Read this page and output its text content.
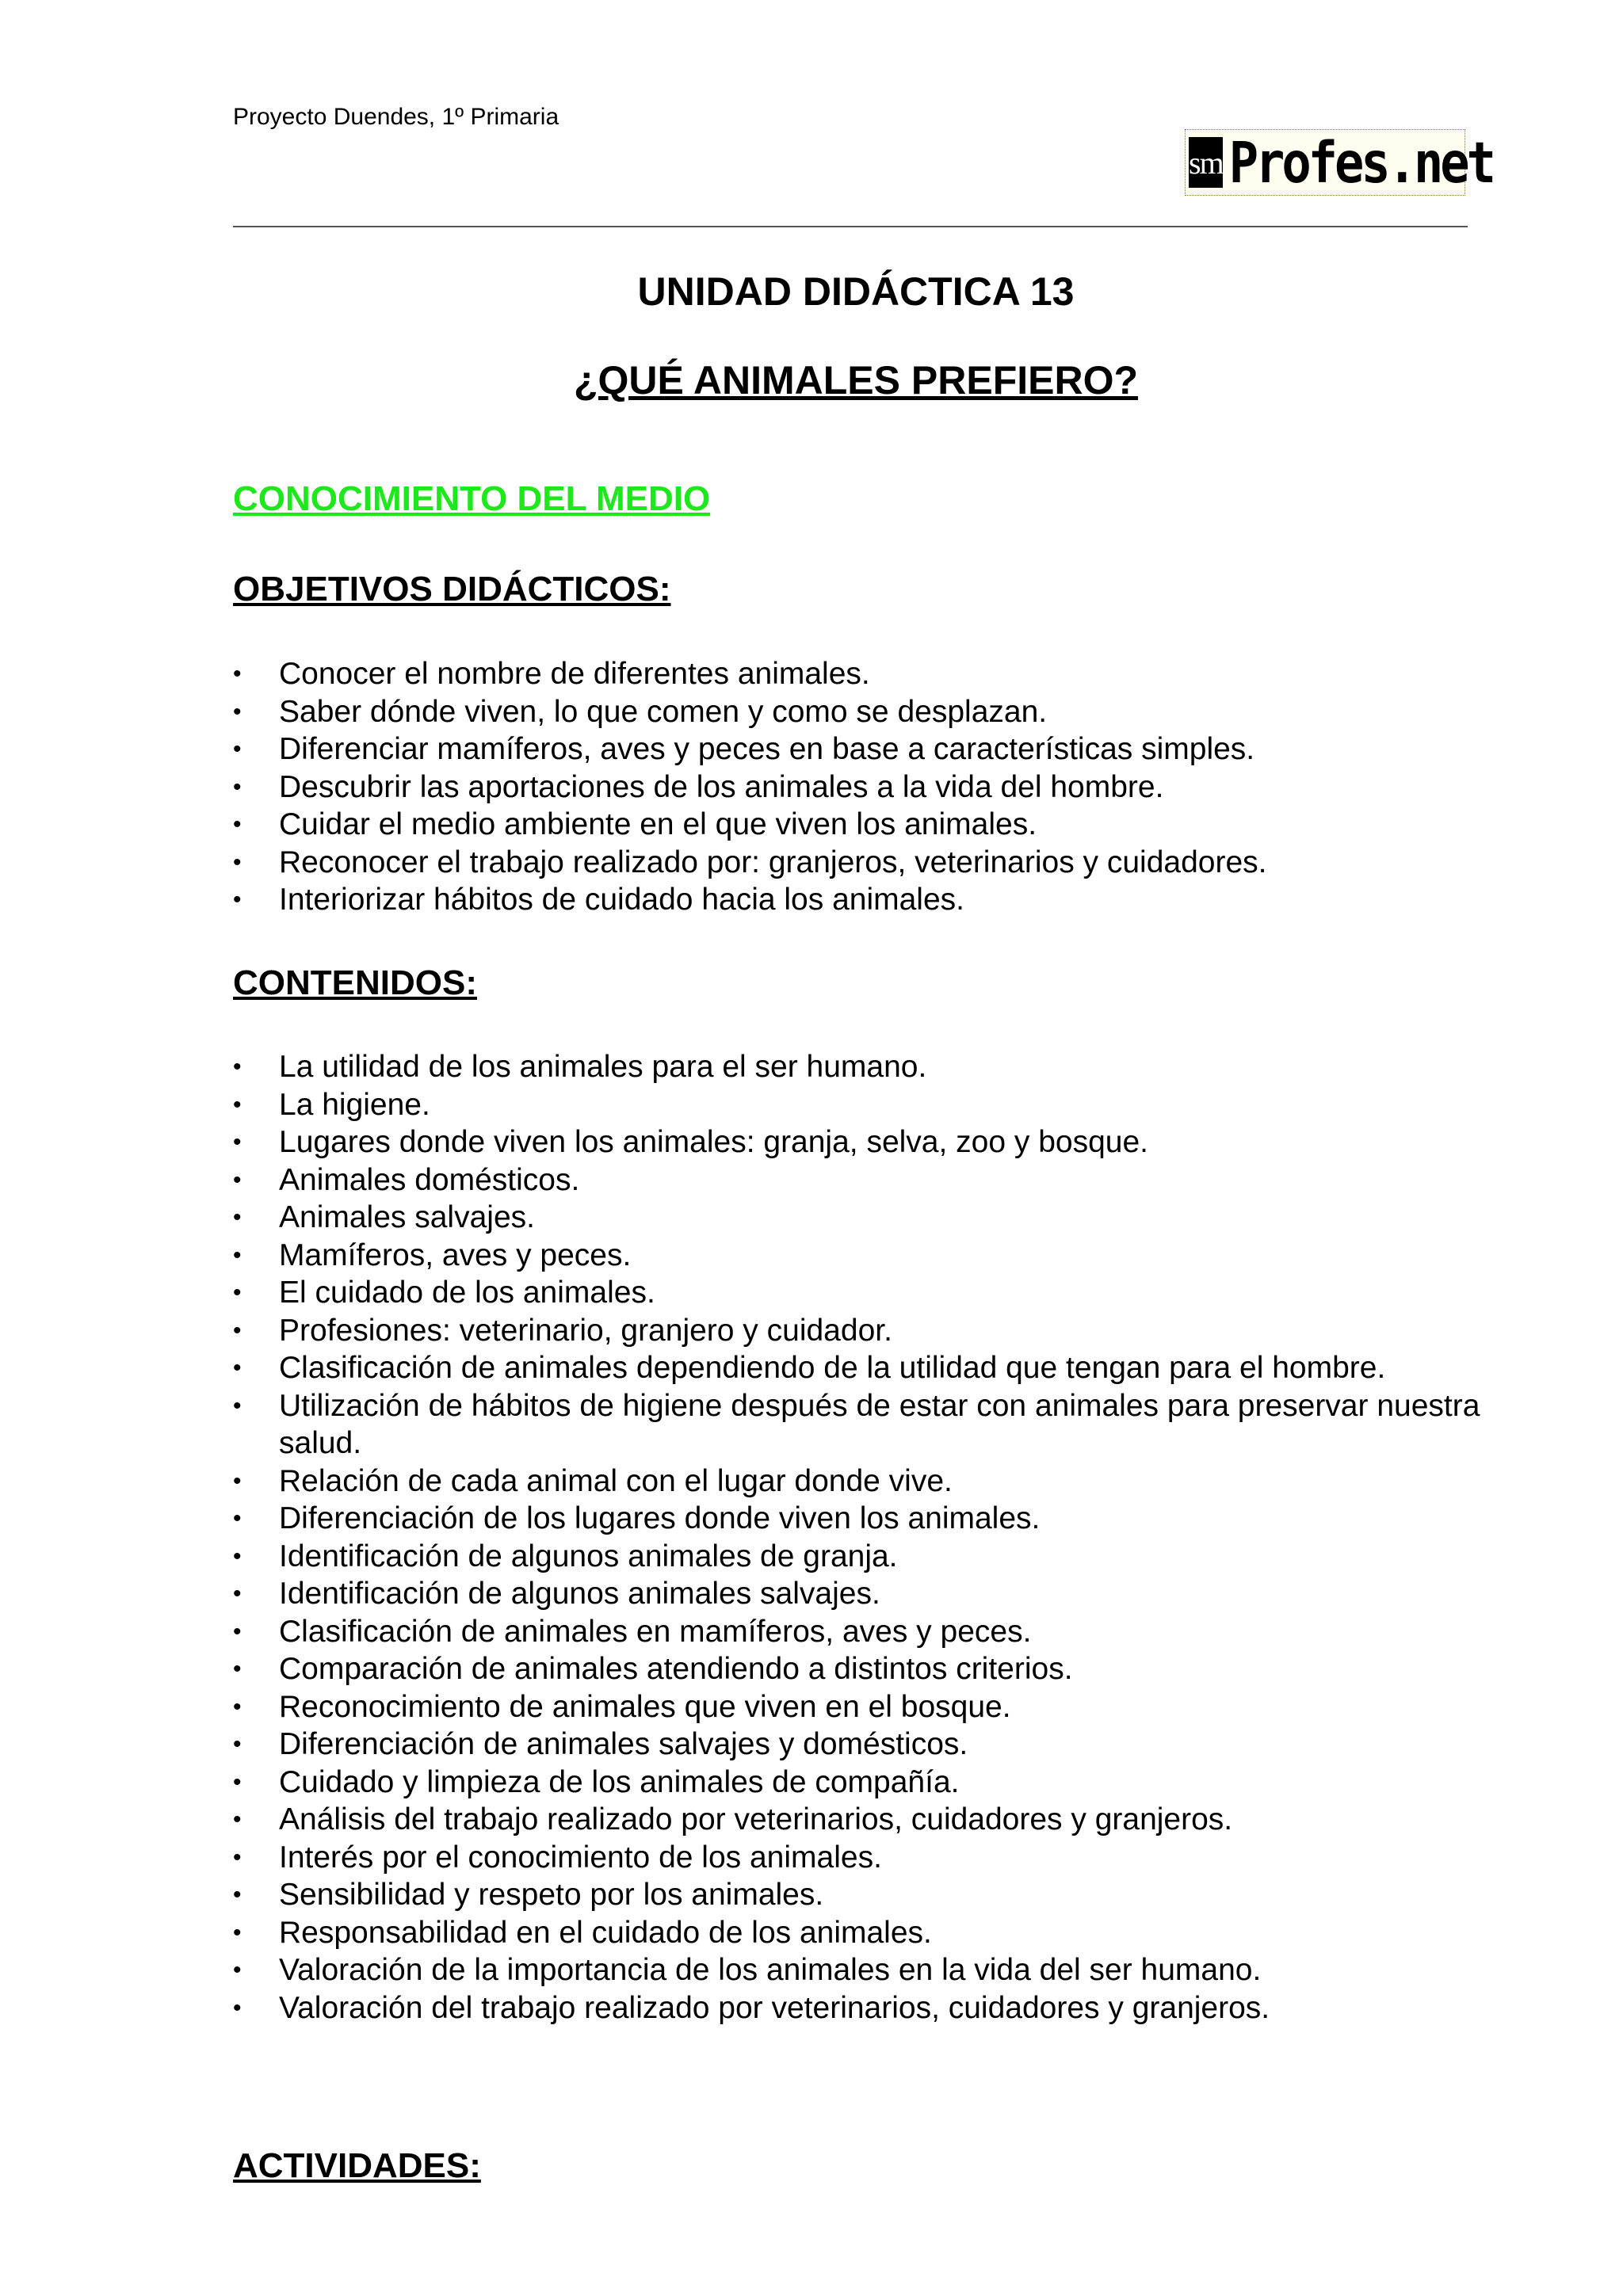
Proyecto Duendes, 1º Primaria
sm Profes.net
UNIDAD DIDÁCTICA 13
¿QUÉ ANIMALES PREFIERO?
CONOCIMIENTO DEL MEDIO
OBJETIVOS DIDÁCTICOS:
•	Conocer el nombre de diferentes animales.
•	Saber dónde viven, lo que comen y como se desplazan.
•	Diferenciar mamíferos, aves y peces en base a características simples.
•	Descubrir las aportaciones de los animales a la vida del hombre.
•	Cuidar el medio ambiente en el que viven los animales.
•	Reconocer el trabajo realizado por: granjeros, veterinarios y cuidadores.
•	Interiorizar hábitos de cuidado hacia los animales.
CONTENIDOS:
•	La utilidad de los animales para el ser humano.
•	La higiene.
•	Lugares donde viven los animales: granja, selva, zoo y bosque.
•	Animales domésticos.
•	Animales salvajes.
•	Mamíferos, aves y peces.
•	El cuidado de los animales.
•	Profesiones: veterinario, granjero y cuidador.
•	Clasificación de animales dependiendo de la utilidad que tengan para el hombre.
•	Utilización de hábitos de higiene después de estar con animales para preservar nuestra salud.
•	Relación de cada animal con el lugar donde vive.
•	Diferenciación de los lugares donde viven los animales.
•	Identificación de algunos animales de granja.
•	Identificación de algunos animales salvajes.
•	Clasificación de animales en mamíferos, aves y peces.
•	Comparación de animales atendiendo a distintos criterios.
•	Reconocimiento de animales que viven en el bosque.
•	Diferenciación de animales salvajes y domésticos.
•	Cuidado y limpieza de los animales de compañía.
•	Análisis del trabajo realizado por veterinarios, cuidadores y granjeros.
•	Interés por el conocimiento de los animales.
•	Sensibilidad y respeto por los animales.
•	Responsabilidad en el cuidado de los animales.
•	Valoración de la importancia de los animales en la vida del ser humano.
•	Valoración del trabajo realizado por veterinarios, cuidadores y granjeros.
ACTIVIDADES:
